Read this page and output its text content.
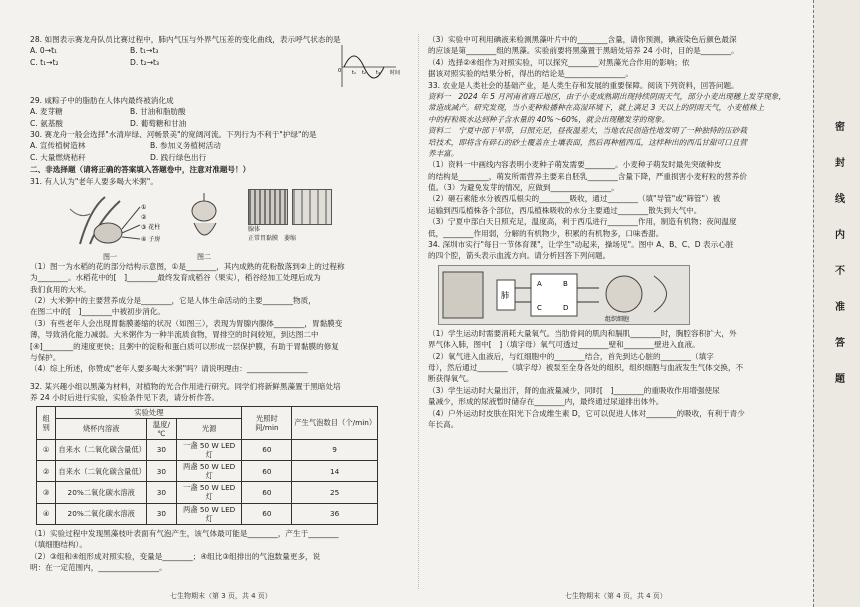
28. 如图表示赛龙舟队员比赛过程中，肺内气压与外界气压差的变化曲线，表示呼气状态的是
A. 0→t₁	B. t₁→t₃
C. t₁→t₂	D. t₂→t₃
时间
0 t₁ t₂ t₃
29. 咸粽子中的脂肪在人体内最终被消化成
A. 麦芽糖	B. 甘油和脂肪酸
C. 氨基酸	D. 葡萄糖和甘油
30. 赛龙舟一般会选择"水清岸绿、河畅景美"的宽阔河流。下列行为不利于"护绿"的是
A. 宣传植树造林	B. 参加义务植树活动
C. 大量燃烧秸秆	D. 践行绿色出行
二、非选择题（请将正确的答案填入答题卷中，注意对准题号！）
31. 有人认为"老年人要多喝大米粥"。
①
②
③ 花柱
④ 子房
图一	图二
腺体
正常胃黏膜 萎缩
（1）图一为水稻的花的部分结构示意图，①是________，其内成熟的花粉散落到②上的过程称
为________。水稻花中的[　]________最终发育成稻谷（果实），稻谷经加工处理后成为
我们食用的大米。
（2）大米粥中的主要营养成分是________，它是人体生命活动的主要________物质，
在图二中的[　]________中被初步消化。
（3）有些老年人会出现胃黏膜萎缩的状况（如图三），表现为胃腺内腺体________，胃黏膜变
薄，导致消化能力减弱。大米粥作为一种半流质食物，胃排空的时间较短，到达图二中
[④]________的速度更快；且粥中的淀粉和蛋白质可以形成一层保护膜，有助于胃黏膜的修复
与保护。
（4）综上所述，你赞成"老年人要多喝大米粥"吗？请说明理由：________________
32. 某兴趣小组以黑藻为材料，对植物的光合作用进行研究。同学们将新鲜黑藻置于黑暗处培
养 24 小时后进行实验，实验条件见下表，请分析作答。
组别	实验处理			光照时间/min	产生气泡数目（个/min）
	烧杯内溶液	温度/℃	光源		
①	自来水（二氧化碳含量低）	30	一盏 50 W LED 灯	60	9
②	自来水（二氧化碳含量低）	30	两盏 50 W LED 灯	60	14
③	20%二氧化碳水溶液	30	一盏 50 W LED 灯	60	25
④	20%二氧化碳水溶液	30	两盏 50 W LED 灯	60	36
（1）实验过程中发现黑藻枝叶表面有气泡产生，该气体最可能是________，产生于________
（填细胞结构）。
（2）③组和④组形成对照实验，变量是________；④组比③组排出的气泡数量更多，说
明：在一定范围内，________________。
（3）实验中可利用碘液来检测黑藻叶片中的________含量，请你预测，碘液染色后颜色最深
的应该是第________组的黑藻。实验前要将黑藻置于黑暗处培养 24 小时，目的是________。
（4）选择②④组作为对照实验，可以探究________对黑藻光合作用的影响；依
据该对照实验的结果分析，得出的结论是________________。
33. 农业是人类社会的基础产业，是人类生存和发展的重要保障。阅读下列资料，回答问题。
资料一　2024 年 5 月河南省商丘地区，由于小麦成熟期出现持续阴雨天气，部分小麦出现穗上发芽现象，
常造成减产。研究发现，当小麦种粒播种在高湿环境下，就上满足 3 天以上的阴雨天气，小麦植株上
中的籽粒吸水达到种子含水量的 40%～60%，就会出现穗发芽的现象。
资料二　宁夏中部干旱带，日照充足，昼夜温差大，当地农民创造性地发明了一种独特的压砂栽
培技术，即将含有碎石的砂土覆盖在土壤表面，然后再种植西瓜，这样种出的西瓜甘甜可口且营
养丰富。
（1）资料一中画线内容表明小麦种子萌发需要________。小麦种子萌发时最先突破种皮
的结构是________，萌发所需营养主要来自胚乳________含量下降，严重损害小麦籽粒的营养价
值。（3）为避免发芽的情况，应做到________________。
（2）砸石素能水分被西瓜根尖的________吸收，通过________（填"导管"或"筛管"）被
运输到西瓜植株各个部位，西瓜植株吸收的水分主要通过________散失到大气中。
（3）宁夏中部白天日照充足，温度高，利于西瓜进行________作用，制造有机物；夜间温度
低，________作用弱，分解的有机物少，积累的有机物多，口味香甜。
34. 深圳市实行"每日一节体育课"，让学生"动起来，操场见"。图中 A、B、C、D 表示心脏
的四个腔，箭头表示血流方向。请分析回答下列问题。
肺
A	B
C	D
组织细胞
（1）学生运动时需要消耗大量氧气。当肋骨间的肌肉和膈肌________时，胸腔容积扩大，外
界气体入肺，图中[　]（填字母）氧气可透过________壁和________壁进入血液。
（2）氧气进入血液后，与红细胞中的________结合，首先到达心脏的________（填字
母），然后通过________（填字母）被泵至全身各处的组织，组织细胞与血液发生气体交换，不
断获得氧气。
（3）学生运动时大量出汗，肾的血液量减少，同时[　]________的重吸收作用增强使尿
量减少，形成的尿液暂时储存在________内，最终通过尿道排出体外。
（4）户外运动时皮肤在阳光下合成维生素 D，它可以促进人体对________的吸收，有利于青少
年长高。
七生物期末（第 3 页，共 4 页）	七生物期末（第 4 页，共 4 页）
密
封
线
内
不
准
答
题
